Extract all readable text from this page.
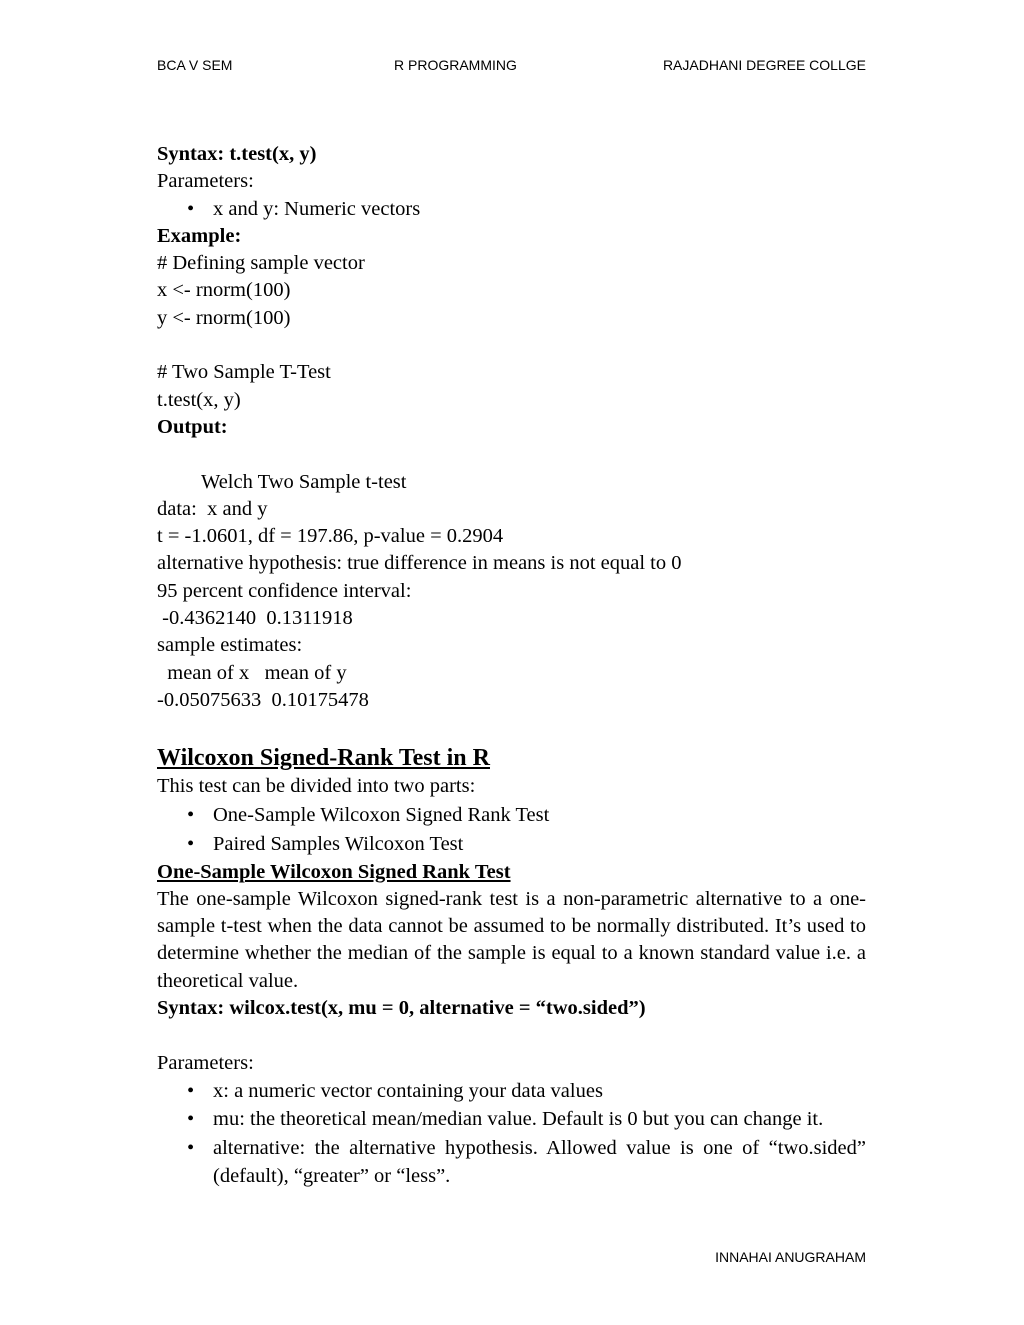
BCA V SEM	R PROGRAMMING	RAJADHANI DEGREE COLLGE

Syntax: t.test(x, y)

Parameters:

• x and y: Numeric vectors

Example:

# Defining sample vector

x <- rnorm(100)

y <- rnorm(100)

# Two Sample T-Test

t.test(x, y)

Output:

Welch Two Sample t-test

data:  x and y

t = -1.0601, df = 197.86, p-value = 0.2904

alternative hypothesis: true difference in means is not equal to 0

95 percent confidence interval:

-0.4362140  0.1311918

sample estimates:

mean of x   mean of y

-0.05075633  0.10175478

Wilcoxon Signed-Rank Test in R

This test can be divided into two parts:

• One-Sample Wilcoxon Signed Rank Test
• Paired Samples Wilcoxon Test

One-Sample Wilcoxon Signed Rank Test

The one-sample Wilcoxon signed-rank test is a non-parametric alternative to a one-sample t-test when the data cannot be assumed to be normally distributed. It’s used to determine whether the median of the sample is equal to a known standard value i.e. a theoretical value.

Syntax: wilcox.test(x, mu = 0, alternative = “two.sided”)

Parameters:

• x: a numeric vector containing your data values
• mu: the theoretical mean/median value. Default is 0 but you can change it.
• alternative: the alternative hypothesis. Allowed value is one of “two.sided” (default), “greater” or “less”.
INNAHAI ANUGRAHAM
